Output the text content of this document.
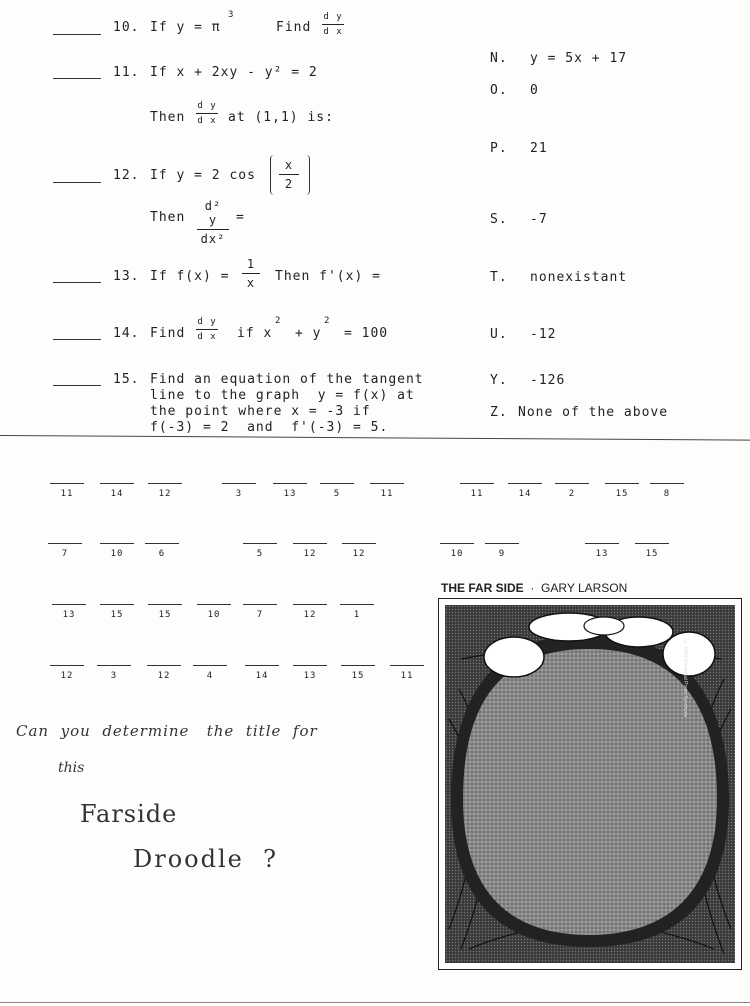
10. If y = π
3
Find
d y
d x
11. If x + 2xy - y² = 2
Then
d y
d x at (1,1) is:
12. If y = 2 cos
x
2
Then
d² y
dx²
=
13. If f(x) =
1
x	Then f'(x) =
14. Find
d y
d x if x
2
+ y
2
= 100
15. Find an equation of the tangent
line to the graph  y = f(x) at
the point where x = -3 if
f(-3) = 2  and  f'(-3) = 5.
N. y = 5x + 17
O. 0
P. 21
S. -7
T. nonexistant
U. -12
Y. -126
Z. None of the above
11	14	12	3	13	5	11	11	14	2	15	8
7	10	6	5	12	12	10	9	13	15
13	15	15	10	7	12	1
12	3	12	4	14	13	15	11
Can  you  determine   the  title  for
this
Farside
Droodle  ?
THE FAR SIDE  ·  GARY LARSON
© 1983 Universal Press Syndicate
